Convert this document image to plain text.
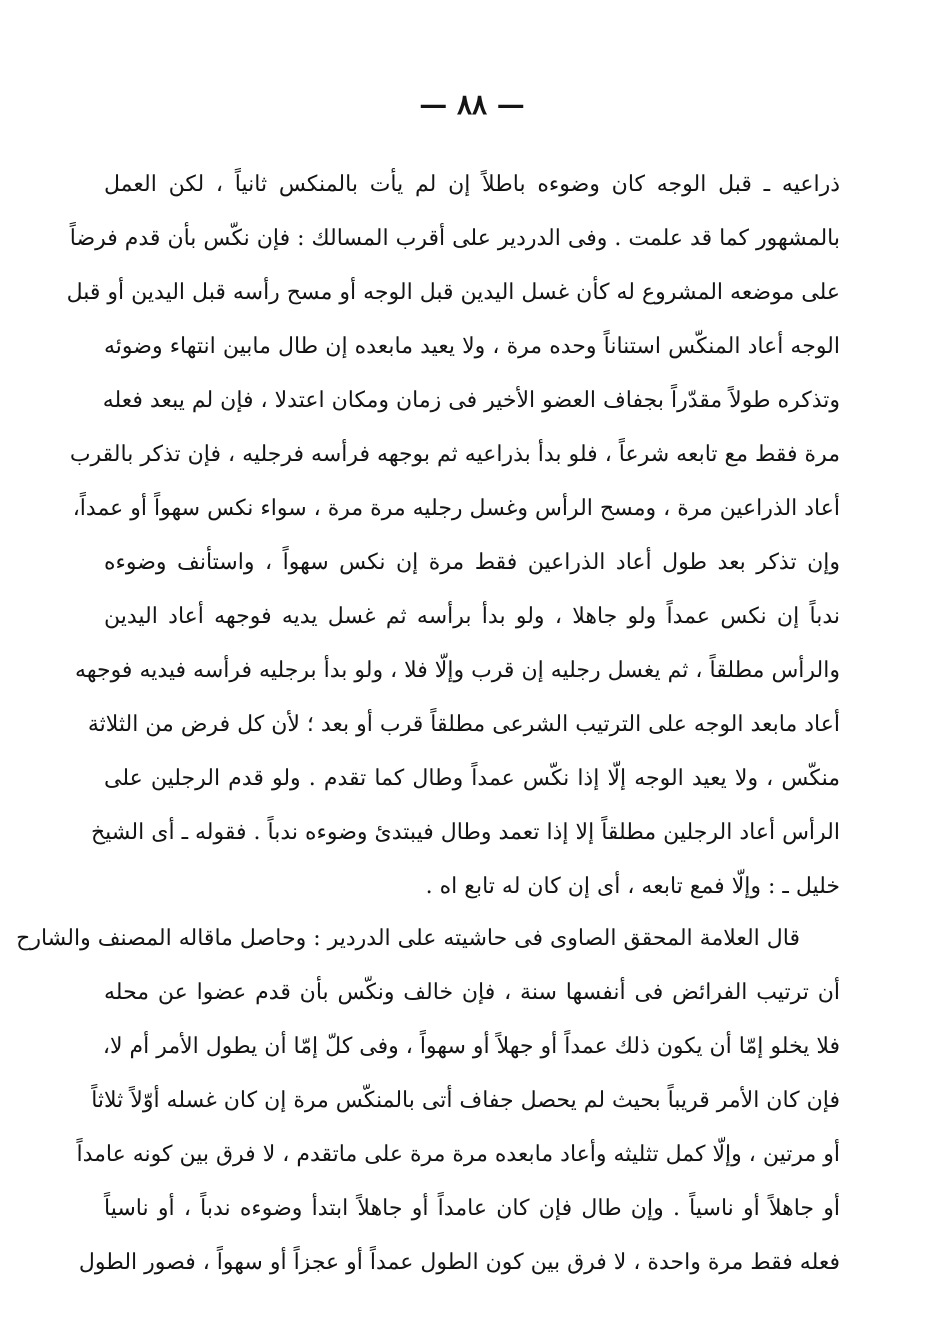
— ٨٨ —
ذراعيه ـ قبل الوجه كان وضوءه باطلاً إن لم يأت بالمنكس ثانياً ، لكن العمل
بالمشهور كما قد علمت . وفى الدردير على أقرب المسالك : فإن نكّس بأن قدم فرضاً
على موضعه المشروع له كأن غسل اليدين قبل الوجه أو مسح رأسه قبل اليدين أو قبل
الوجه أعاد المنكّس استناناً وحده مرة ، ولا يعيد مابعده إن طال مابين انتهاء وضوئه
وتذكره طولاً مقدّراً بجفاف العضو الأخير فى زمان ومكان اعتدلا ، فإن لم يبعد فعله
مرة فقط مع تابعه شرعاً ، فلو بدأ بذراعيه ثم بوجهه فرأسه فرجليه ، فإن تذكر بالقرب
أعاد الذراعين مرة ، ومسح الرأس وغسل رجليه مرة مرة ، سواء نكس سهواً أو عمداً،
وإن تذكر بعد طول أعاد الذراعين فقط مرة إن نكس سهواً ، واستأنف وضوءه
ندباً إن نكس عمداً ولو جاهلا ، ولو بدأ برأسه ثم غسل يديه فوجهه أعاد اليدين
والرأس مطلقاً ، ثم يغسل رجليه إن قرب وإلّا فلا ، ولو بدأ برجليه فرأسه فيديه فوجهه
أعاد مابعد الوجه على الترتيب الشرعى مطلقاً قرب أو بعد ؛ لأن كل فرض من الثلاثة
منكّس ، ولا يعيد الوجه إلّا إذا نكّس عمداً وطال كما تقدم . ولو قدم الرجلين على
الرأس أعاد الرجلين مطلقاً إلا إذا تعمد وطال فيبتدئ وضوءه ندباً . فقوله ـ أى الشيخ
خليل ـ : وإلّا فمع تابعه ، أى إن كان له تابع اه .
قال العلامة المحقق الصاوى فى حاشيته على الدردير : وحاصل ماقاله المصنف والشارح
أن ترتيب الفرائض فى أنفسها سنة ، فإن خالف ونكّس بأن قدم عضوا عن محله
فلا يخلو إمّا أن يكون ذلك عمداً أو جهلاً أو سهواً ، وفى كلّ إمّا أن يطول الأمر أم لا،
فإن كان الأمر قريباً بحيث لم يحصل جفاف أتى بالمنكّس مرة إن كان غسله أوّلاً ثلاثاً
أو مرتين ، وإلّا كمل تثليثه وأعاد مابعده مرة مرة على ماتقدم ، لا فرق بين كونه عامداً
أو جاهلاً أو ناسياً . وإن طال فإن كان عامداً أو جاهلاً ابتدأ وضوءه ندباً ، أو ناسياً
فعله فقط مرة واحدة ، لا فرق بين كون الطول عمداً أو عجزاً أو سهواً ، فصور الطول
